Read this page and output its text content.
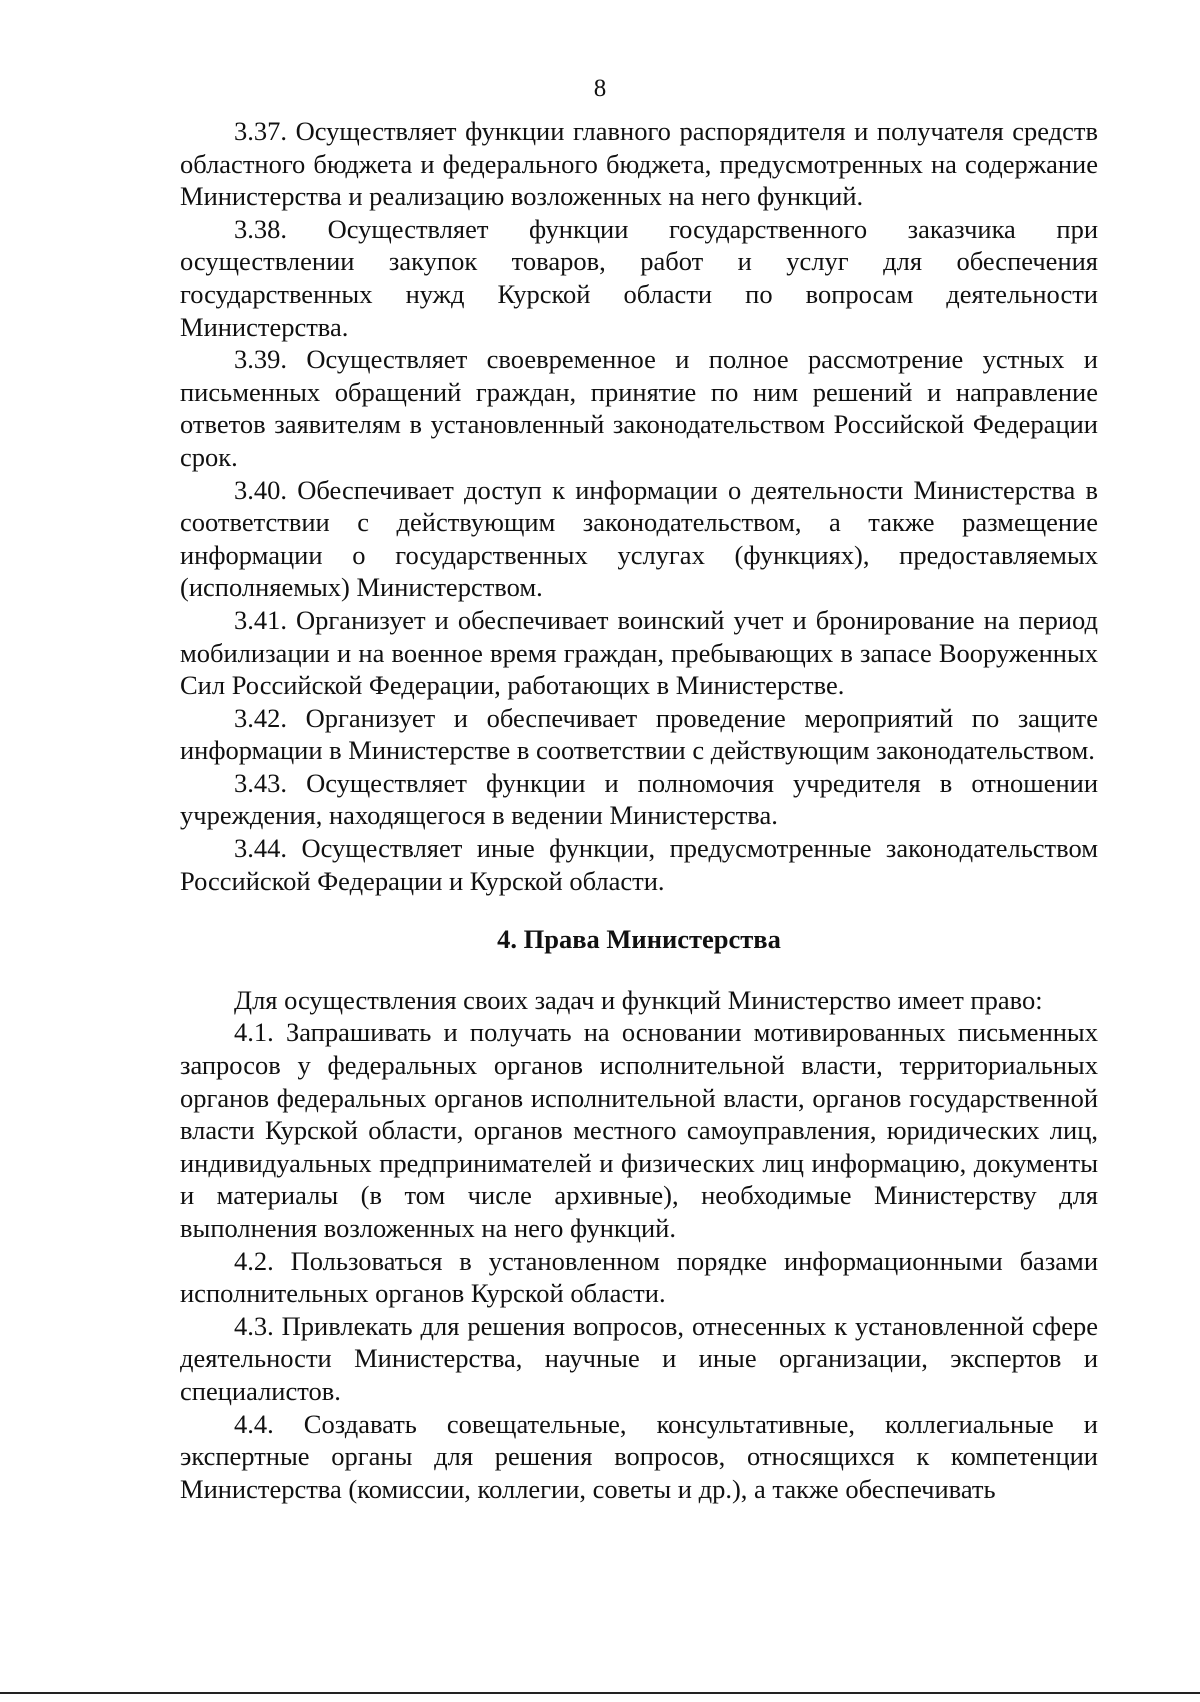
8

3.37. Осуществляет функции главного распорядителя и получателя средств областного бюджета и федерального бюджета, предусмотренных на содержание Министерства и реализацию возложенных на него функций.

3.38. Осуществляет функции государственного заказчика при осуществлении закупок товаров, работ и услуг для обеспечения государственных нужд Курской области по вопросам деятельности Министерства.

3.39. Осуществляет своевременное и полное рассмотрение устных и письменных обращений граждан, принятие по ним решений и направление ответов заявителям в установленный законодательством Российской Федерации срок.

3.40. Обеспечивает доступ к информации о деятельности Министерства в соответствии с действующим законодательством, а также размещение информации о государственных услугах (функциях), предоставляемых (исполняемых) Министерством.

3.41. Организует и обеспечивает воинский учет и бронирование на период мобилизации и на военное время граждан, пребывающих в запасе Вооруженных Сил Российской Федерации, работающих в Министерстве.

3.42. Организует и обеспечивает проведение мероприятий по защите информации в Министерстве в соответствии с действующим законодательством.

3.43. Осуществляет функции и полномочия учредителя в отношении учреждения, находящегося в ведении Министерства.

3.44. Осуществляет иные функции, предусмотренные законодательством Российской Федерации и Курской области.

4. Права Министерства

Для осуществления своих задач и функций Министерство имеет право:

4.1. Запрашивать и получать на основании мотивированных письменных запросов у федеральных органов исполнительной власти, территориальных органов федеральных органов исполнительной власти, органов государственной власти Курской области, органов местного самоуправления, юридических лиц, индивидуальных предпринимателей и физических лиц информацию, документы и материалы (в том числе архивные), необходимые Министерству для выполнения возложенных на него функций.

4.2. Пользоваться в установленном порядке информационными базами исполнительных органов Курской области.

4.3. Привлекать для решения вопросов, отнесенных к установленной сфере деятельности Министерства, научные и иные организации, экспертов и специалистов.

4.4. Создавать совещательные, консультативные, коллегиальные и экспертные органы для решения вопросов, относящихся к компетенции Министерства (комиссии, коллегии, советы и др.), а также обеспечивать
